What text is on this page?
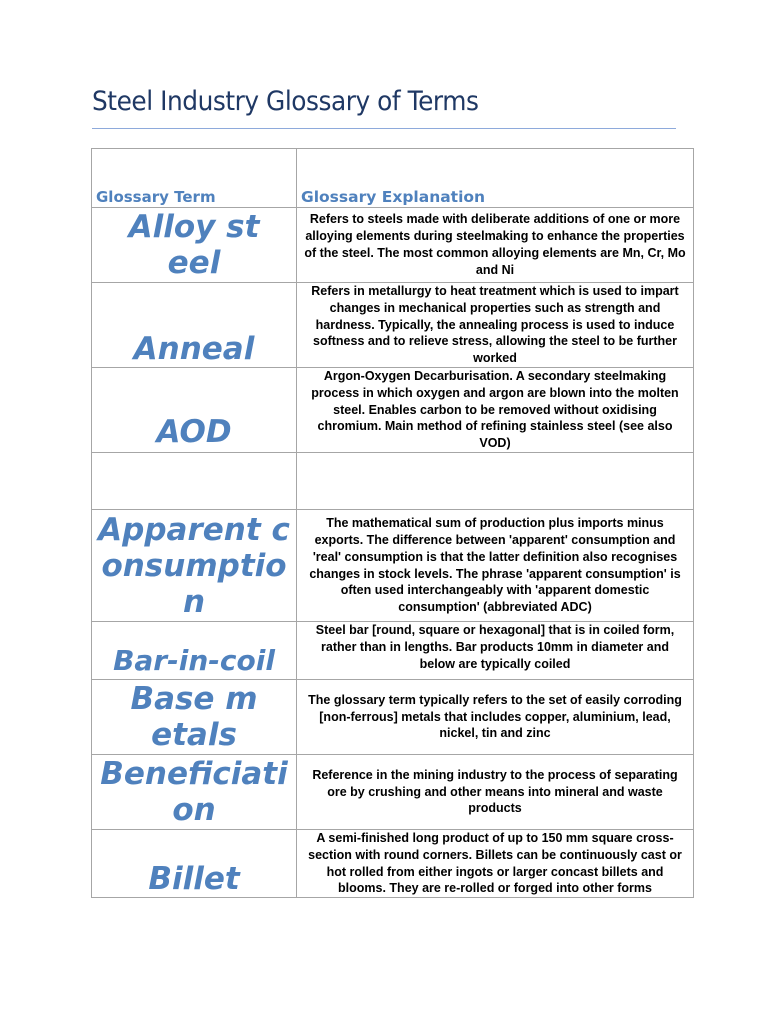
Steel Industry Glossary of Terms
Glossary Term	Glossary Explanation
Alloy steel	Refers to steels made with deliberate additions of one or more alloying elements during steelmaking to enhance the properties of the steel. The most common alloying elements are Mn, Cr, Mo and Ni
Anneal	Refers in metallurgy to heat treatment which is used to impart changes in mechanical properties such as strength and hardness. Typically, the annealing process is used to induce softness and to relieve stress, allowing the steel to be further worked
AOD	Argon-Oxygen Decarburisation. A secondary steelmaking process in which oxygen and argon are blown into the molten steel. Enables carbon to be removed without oxidising chromium. Main method of refining stainless steel (see also VOD)

Apparent consumption	The mathematical sum of production plus imports minus exports. The difference between 'apparent' consumption and 'real' consumption is that the latter definition also recognises changes in stock levels. The phrase 'apparent consumption' is often used interchangeably with 'apparent domestic consumption' (abbreviated ADC)
Bar-in-coil	Steel bar [round, square or hexagonal] that is in coiled form, rather than in lengths. Bar products 10mm in diameter and below are typically coiled
Base metals	The glossary term typically refers to the set of easily corroding [non-ferrous] metals that includes copper, aluminium, lead, nickel, tin and zinc
Beneficiation	Reference in the mining industry to the process of separating ore by crushing and other means into mineral and waste products
Billet	A semi-finished long product of up to 150 mm square cross-section with round corners. Billets can be continuously cast or hot rolled from either ingots or larger concast billets and blooms. They are re-rolled or forged into other forms
